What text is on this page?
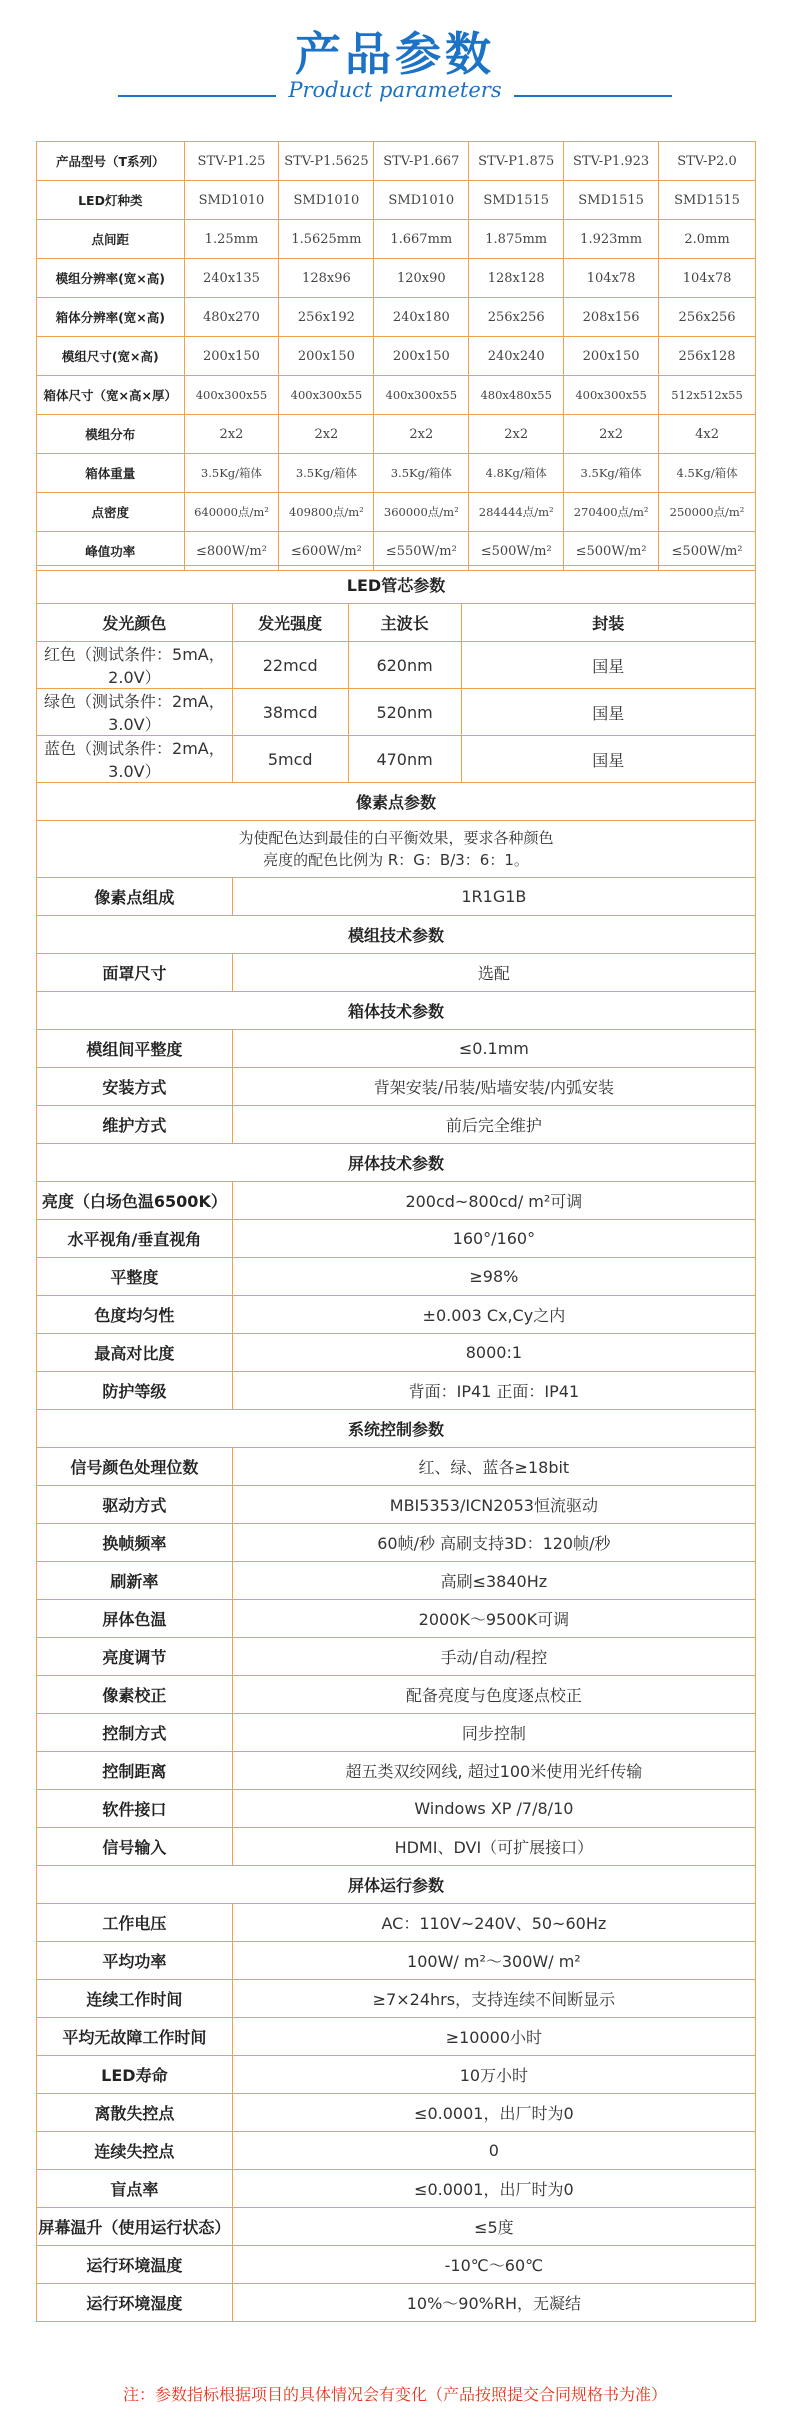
产品参数
Product parameters
产品型号（T系列）	STV-P1.25	STV-P1.5625	STV-P1.667	STV-P1.875	STV-P1.923	STV-P2.0
LED灯种类	SMD1010	SMD1010	SMD1010	SMD1515	SMD1515	SMD1515
点间距	1.25mm	1.5625mm	1.667mm	1.875mm	1.923mm	2.0mm
模组分辨率(宽×高)	240x135	128x96	120x90	128x128	104x78	104x78
箱体分辨率(宽×高)	480x270	256x192	240x180	256x256	208x156	256x256
模组尺寸(宽×高)	200x150	200x150	200x150	240x240	200x150	256x128
箱体尺寸（宽×高×厚）	400x300x55	400x300x55	400x300x55	480x480x55	400x300x55	512x512x55
模组分布	2x2	2x2	2x2	2x2	2x2	4x2
箱体重量	3.5Kg/箱体	3.5Kg/箱体	3.5Kg/箱体	4.8Kg/箱体	3.5Kg/箱体	4.5Kg/箱体
点密度	640000点/m²	409800点/m²	360000点/m²	284444点/m²	270400点/m²	250000点/m²
峰值功率	≤800W/m²	≤600W/m²	≤550W/m²	≤500W/m²	≤500W/m²	≤500W/m²
LED管芯参数			
发光颜色	发光强度	主波长	封装
红色（测试条件：5mA，2.0V）	22mcd	620nm	国星
绿色（测试条件：2mA，3.0V）	38mcd	520nm	国星
蓝色（测试条件：2mA，3.0V）	5mcd	470nm	国星
像素点参数			

为使配色达到最佳的白平衡效果，要求各种颜色
亮度的配色比例为 R：G：B/3：6：1。			

像素点组成	1R1G1B		
模组技术参数			
面罩尺寸	选配		
箱体技术参数			
模组间平整度	≤0.1mm		
安装方式	背架安装/吊装/贴墙安装/内弧安装		
维护方式	前后完全维护		
屏体技术参数			
亮度（白场色温6500K）	200cd~800cd/ m²可调		
水平视角/垂直视角	160°/160°		
平整度	≥98%		
色度均匀性	±0.003 Cx,Cy之内		
最高对比度	8000:1		
防护等级	背面：IP41 正面：IP41		
系统控制参数			
信号颜色处理位数	红、绿、蓝各≥18bit		
驱动方式	MBI5353/ICN2053恒流驱动		
换帧频率	60帧/秒 高刷支持3D：120帧/秒		
刷新率	高刷≤3840Hz		
屏体色温	2000K～9500K可调		
亮度调节	手动/自动/程控		
像素校正	配备亮度与色度逐点校正		
控制方式	同步控制		
控制距离	超五类双绞网线, 超过100米使用光纤传输		
软件接口	Windows XP /7/8/10		
信号输入	HDMI、DVI（可扩展接口）		
屏体运行参数			
工作电压	AC：110V~240V、50~60Hz		
平均功率	100W/ m²～300W/ m²		
连续工作时间	≥7×24hrs，支持连续不间断显示		
平均无故障工作时间	≥10000小时		
LED寿命	10万小时		
离散失控点	≤0.0001，出厂时为0		
连续失控点	0		
盲点率	≤0.0001，出厂时为0		
屏幕温升（使用运行状态）	≤5度		
运行环境温度	-10℃～60℃		
运行环境湿度	10%～90%RH，无凝结		
注：参数指标根据项目的具体情况会有变化（产品按照提交合同规格书为准）
